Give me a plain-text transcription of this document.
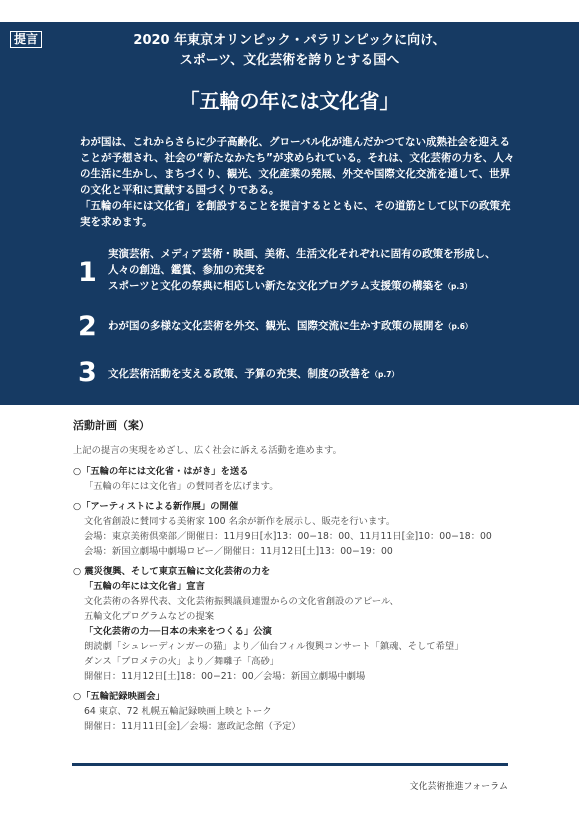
提言	2020 年東京オリンピック・パラリンピックに向け、
スポーツ、文化芸術を誇りとする国へ
「五輪の年には文化省」

わが国は、これからさらに少子高齢化、グローバル化が進んだかつてない成熟社会を迎える

ことが予想され、社会の“新たなかたち”が求められている。それは、文化芸術の力を、人々

の生活に生かし、まちづくり、観光、文化産業の発展、外交や国際文化交流を通して、世界

の文化と平和に貢献する国づくりである。

「五輪の年には文化省」を創設することを提言するとともに、その道筋として以下の政策充

実を求めます。

1
実演芸術、メディア芸術・映画、美術、生活文化それぞれに固有の政策を形成し、
人々の創造、鑑賞、参加の充実を
スポーツと文化の祭典に相応しい新たな文化プログラム支援策の構築を（p.3）
2	わが国の多様な文化芸術を外交、観光、国際交流に生かす政策の展開を（p.6）
3	文化芸術活動を支える政策、予算の充実、制度の改善を（p.7）
活動計画（案）
上記の提言の実現をめざし、広く社会に訴える活動を進めます。
○「五輪の年には文化省・はがき」を送る
「五輪の年には文化省」の賛同者を広げます。
○「アーティストによる新作展」の開催
文化省創設に賛同する美術家 100 名余が新作を展示し、販売を行います。
会場：東京美術倶楽部／開催日：11月9日[水]13：00−18：00、11月11日[金]10：00−18：00
会場：新国立劇場中劇場ロビー／開催日：11月12日[土]13：00−19：00
○ 震災復興、そして東京五輪に文化芸術の力を
「五輪の年には文化省」宣言
文化芸術の各界代表、文化芸術振興議員連盟からの文化省創設のアピール、
五輪文化プログラムなどの提案
「文化芸術の力──日本の未来をつくる」公演
朗読劇「シュレーディンガーの猫」より／仙台フィル復興コンサート「鎮魂、そして希望」
ダンス「ブロメテの火」より／舞囃子「高砂」
開催日：11月12日[土]18：00−21：00／会場：新国立劇場中劇場
○「五輪記録映画会」
64 東京、72 札幌五輪記録映画上映とトーク
開催日：11月11日[金]／会場：憲政記念館（予定）
文化芸術推進フォーラム
